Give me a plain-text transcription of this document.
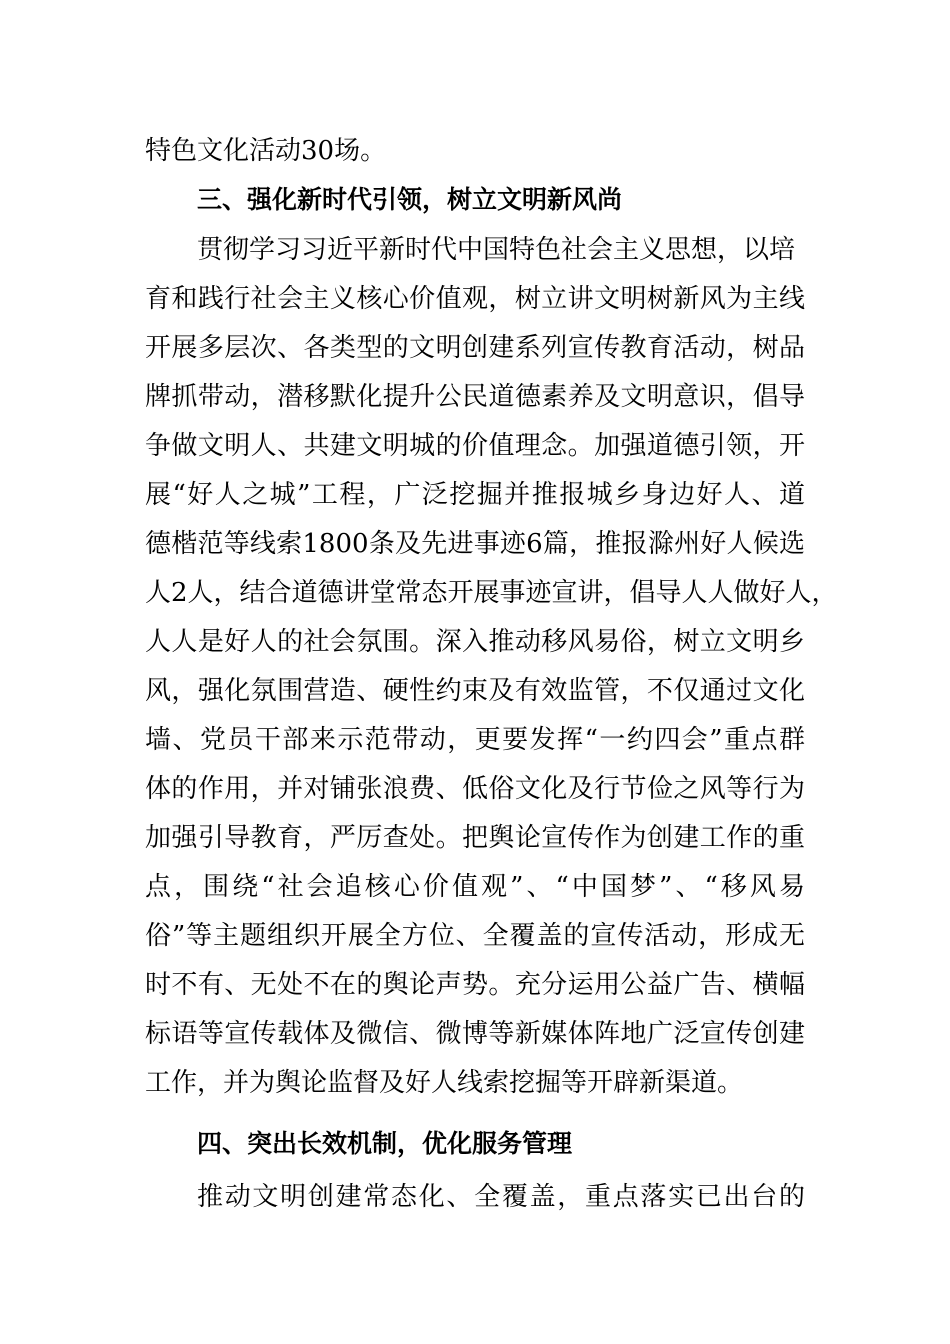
特色文化活动30场。
三、强化新时代引领，树立文明新风尚
贯彻学习习近平新时代中国特色社会主义思想，以培
育和践行社会主义核心价值观，树立讲文明树新风为主线
开展多层次、各类型的文明创建系列宣传教育活动，树品
牌抓带动，潜移默化提升公民道德素养及文明意识，倡导
争做文明人、共建文明城的价值理念。加强道德引领，开
展“好人之城”工程，广泛挖掘并推报城乡身边好人、道
德楷范等线索1800条及先进事迹6篇，推报滁州好人候选
人2人，结合道德讲堂常态开展事迹宣讲，倡导人人做好人，
人人是好人的社会氛围。深入推动移风易俗，树立文明乡
风，强化氛围营造、硬性约束及有效监管，不仅通过文化
墙、党员干部来示范带动，更要发挥“一约四会”重点群
体的作用，并对铺张浪费、低俗文化及行节俭之风等行为
加强引导教育，严厉查处。把舆论宣传作为创建工作的重
点，围绕“社会追核心价值观”、“中国梦”、“移风易
俗”等主题组织开展全方位、全覆盖的宣传活动，形成无
时不有、无处不在的舆论声势。充分运用公益广告、横幅
标语等宣传载体及微信、微博等新媒体阵地广泛宣传创建
工作，并为舆论监督及好人线索挖掘等开辟新渠道。
四、突出长效机制，优化服务管理
推动文明创建常态化、全覆盖，重点落实已出台的
